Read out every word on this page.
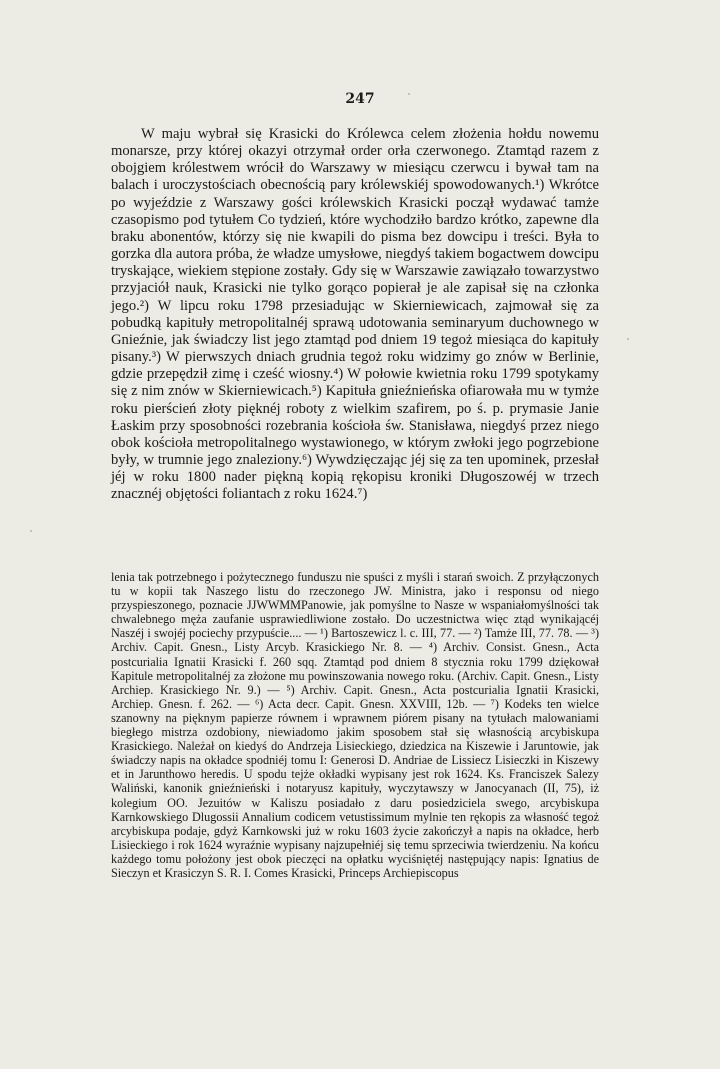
247

W maju wybrał się Krasicki do Królewca celem złożenia hołdu nowemu monarsze, przy której okazyi otrzymał order orła czerwonego. Ztamtąd razem z obojgiem królestwem wrócił do Warszawy w miesiącu czerwcu i bywał tam na balach i uroczystościach obecnością pary królewskiéj spowodowanych.¹) Wkrótce po wyjeździe z Warszawy gości królewskich Krasicki począł wydawać tamże czasopismo pod tytułem Co tydzień, które wychodziło bardzo krótko, zapewne dla braku abonentów, którzy się nie kwapili do pisma bez dowcipu i treści. Była to gorzka dla autora próba, że władze umysłowe, niegdyś takiem bogactwem dowcipu tryskające, wiekiem stępione zostały. Gdy się w Warszawie zawiązało towarzystwo przyjaciół nauk, Krasicki nie tylko gorąco popierał je ale zapisał się na członka jego.²) W lipcu roku 1798 przesiadując w Skierniewicach, zajmował się za pobudką kapituły metropolitalnéj sprawą udotowania seminaryum duchownego w Gnieźnie, jak świadczy list jego ztamtąd pod dniem 19 tegoż miesiąca do kapituły pisany.³) W pierwszych dniach grudnia tegoż roku widzimy go znów w Berlinie, gdzie przepędził zimę i cześć wiosny.⁴) W połowie kwietnia roku 1799 spotykamy się z nim znów w Skierniewicach.⁵) Kapituła gnieźnieńska ofiarowała mu w tymże roku pierścień złoty pięknéj roboty z wielkim szafirem, po ś. p. prymasie Janie Łaskim przy sposobności rozebrania kościoła św. Stanisława, niegdyś przez niego obok kościoła metropolitalnego wystawionego, w którym zwłoki jego pogrzebione były, w trumnie jego znaleziony.⁶) Wywdzięczając jéj się za ten upominek, przesłał jéj w roku 1800 nader piękną kopią rękopisu kroniki Długoszowéj w trzech znacznéj objętości foliantach z roku 1624.⁷)

lenia tak potrzebnego i pożytecznego funduszu nie spuści z myśli i starań swoich. Z przyłączonych tu w kopii tak Naszego listu do rzeczonego JW. Ministra, jako i responsu od niego przyspieszonego, poznacie JJWWMMPanowie, jak pomyślne to Nasze w wspaniałomyślności tak chwalebnego męża zaufanie usprawiedliwione zostało. Do uczestnictwa więc ztąd wynikającéj Naszéj i swojéj pociechy przypuście.... — ¹) Bartoszewicz l. c. III, 77. — ²) Tamże III, 77. 78. — ³) Archiv. Capit. Gnesn., Listy Arcyb. Krasickiego Nr. 8. — ⁴) Archiv. Consist. Gnesn., Acta postcurialia Ignatii Krasicki f. 260 sqq. Ztamtąd pod dniem 8 stycznia roku 1799 dziękował Kapitule metropolitalnéj za złożone mu powinszowania nowego roku. (Archiv. Capit. Gnesn., Listy Archiep. Krasickiego Nr. 9.) — ⁵) Archiv. Capit. Gnesn., Acta postcurialia Ignatii Krasicki, Archiep. Gnesn. f. 262. — ⁶) Acta decr. Capit. Gnesn. XXVIII, 12b. — ⁷) Kodeks ten wielce szanowny na pięknym papierze równem i wprawnem piórem pisany na tytułach malowaniami biegłego mistrza ozdobiony, niewiadomo jakim sposobem stał się własnością arcybiskupa Krasickiego. Należał on kiedyś do Andrzeja Lisieckiego, dziedzica na Kiszewie i Jaruntowie, jak świadczy napis na okładce spodniéj tomu I: Generosi D. Andriae de Lissiecz Lisieczki in Kiszewy et in Jarunthowo heredis. U spodu tejże okładki wypisany jest rok 1624. Ks. Franciszek Salezy Waliński, kanonik gnieźnieński i notaryusz kapituły, wyczytawszy w Janocyanach (II, 75), iż kolegium OO. Jezuitów w Kaliszu posiadało z daru posiedziciela swego, arcybiskupa Karnkowskiego Dlugossii Annalium codicem vetustissimum mylnie ten rękopis za własność tegoż arcybiskupa podaje, gdyż Karnkowski już w roku 1603 życie zakończył a napis na okładce, herb Lisieckiego i rok 1624 wyraźnie wypisany najzupełniéj się temu sprzeciwia twierdzeniu. Na końcu każdego tomu położony jest obok pieczęci na opłatku wyciśniętéj następujący napis: Ignatius de Sieczyn et Krasiczyn S. R. I. Comes Krasicki, Princeps Archiepiscopus
